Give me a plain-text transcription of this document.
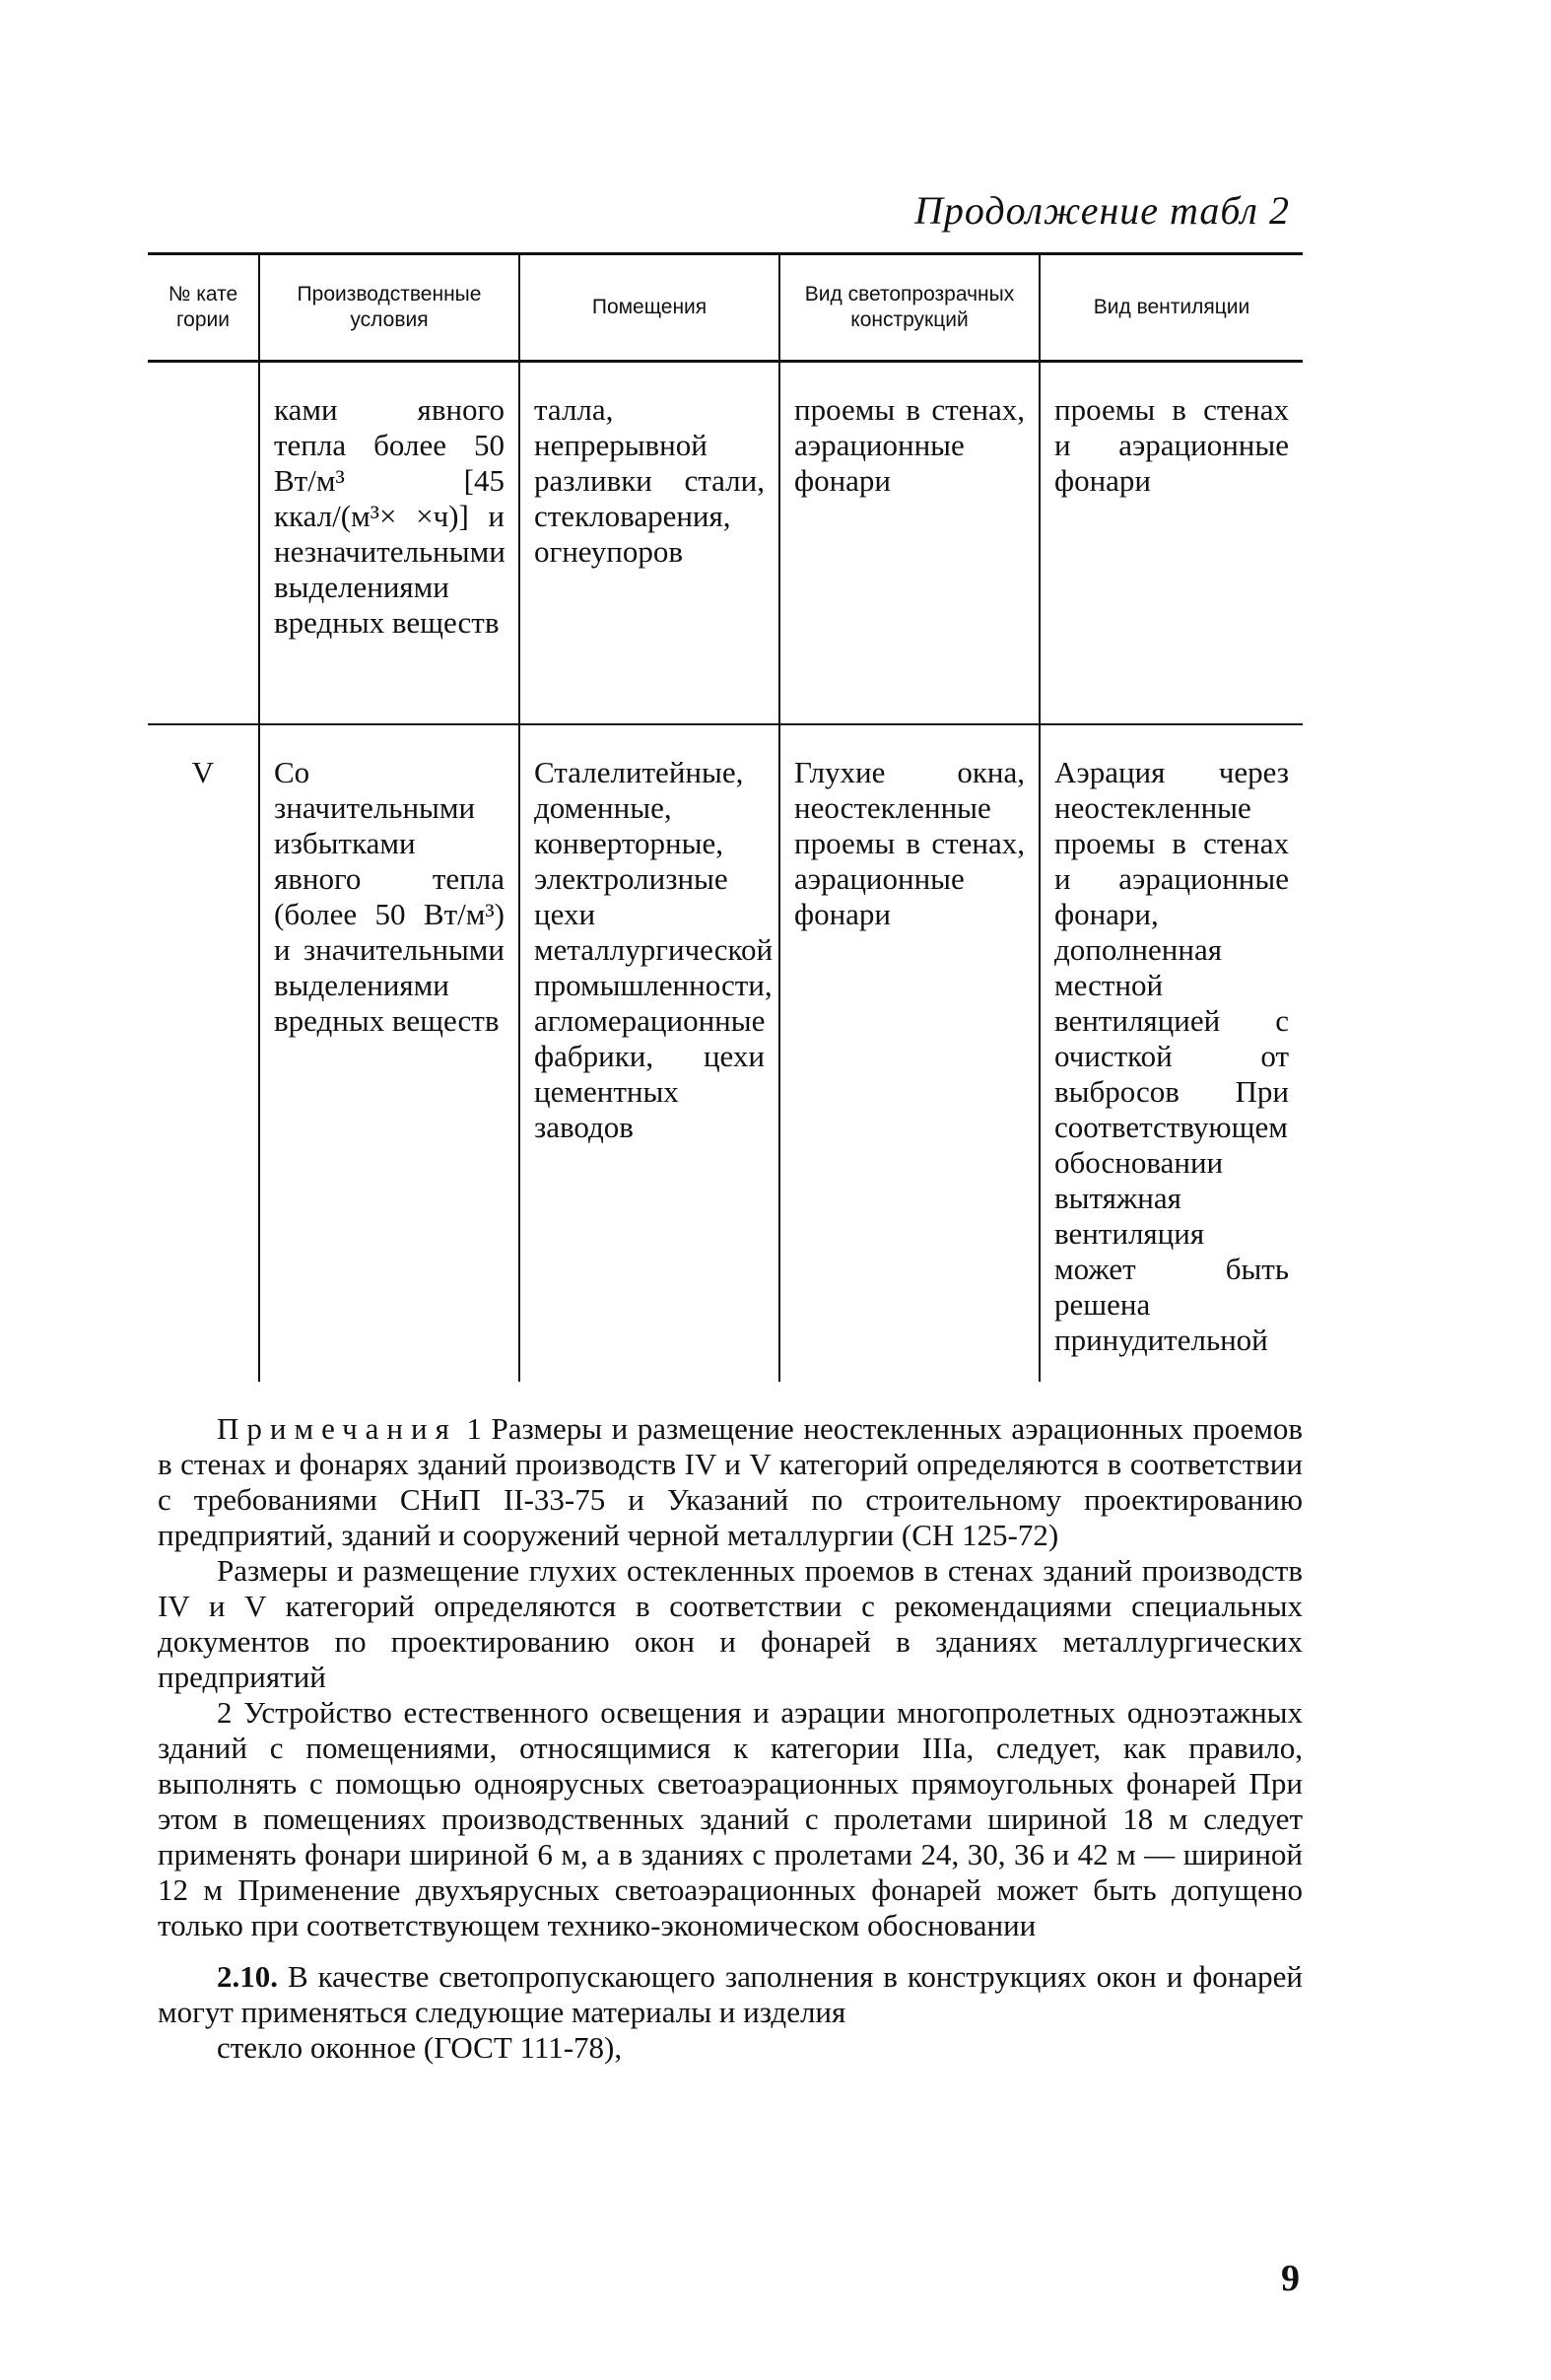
Продолжение табл 2
№ кате гории	Производственные условия	Помещения	Вид светопрозрачных конструкций	Вид вентиляции
	ками явного тепла более 50 Вт/м³ [45 ккал/(м³× ×ч)] и незначительными выделениями вредных веществ	талла, непрерывной разливки стали, стекловарения, огнеупоров	проемы в стенах, аэрационные фонари	проемы в стенах и аэрационные фонари
V	Со значительными избытками явного тепла (более 50 Вт/м³) и значительными выделениями вредных веществ	Сталелитейные, доменные, конверторные, электролизные цехи металлургической промышленности, агломерационные фабрики, цехи цементных заводов	Глухие окна, неостекленные проемы в стенах, аэрационные фонари	Аэрация через неостекленные проемы в стенах и аэрационные фонари, дополненная местной вентиляцией с очисткой от выбросов При соответствующем обосновании вытяжная вентиляция может быть решена принудительной

Примечания 1 Размеры и размещение неостекленных аэрационных проемов в стенах и фонарях зданий производств IV и V категорий определяются в соответствии с требованиями СНиП II-33-75 и Указаний по строительному проектированию предприятий, зданий и сооружений черной металлургии (СН 125-72)

Размеры и размещение глухих остекленных проемов в стенах зданий производств IV и V категорий определяются в соответствии с рекомендациями специальных документов по проектированию окон и фонарей в зданиях металлургических предприятий

2 Устройство естественного освещения и аэрации многопролетных одноэтажных зданий с помещениями, относящимися к категории IIIа, следует, как правило, выполнять с помощью одноярусных светоаэрационных прямоугольных фонарей При этом в помещениях производственных зданий с пролетами шириной 18 м следует применять фонари шириной 6 м, а в зданиях с пролетами 24, 30, 36 и 42 м — шириной 12 м Применение двухъярусных светоаэрационных фонарей может быть допущено только при соответствующем технико-экономическом обосновании

2.10. В качестве светопропускающего заполнения в конструкциях окон и фонарей могут применяться следующие материалы и изделия

стекло оконное (ГОСТ 111-78),

9
